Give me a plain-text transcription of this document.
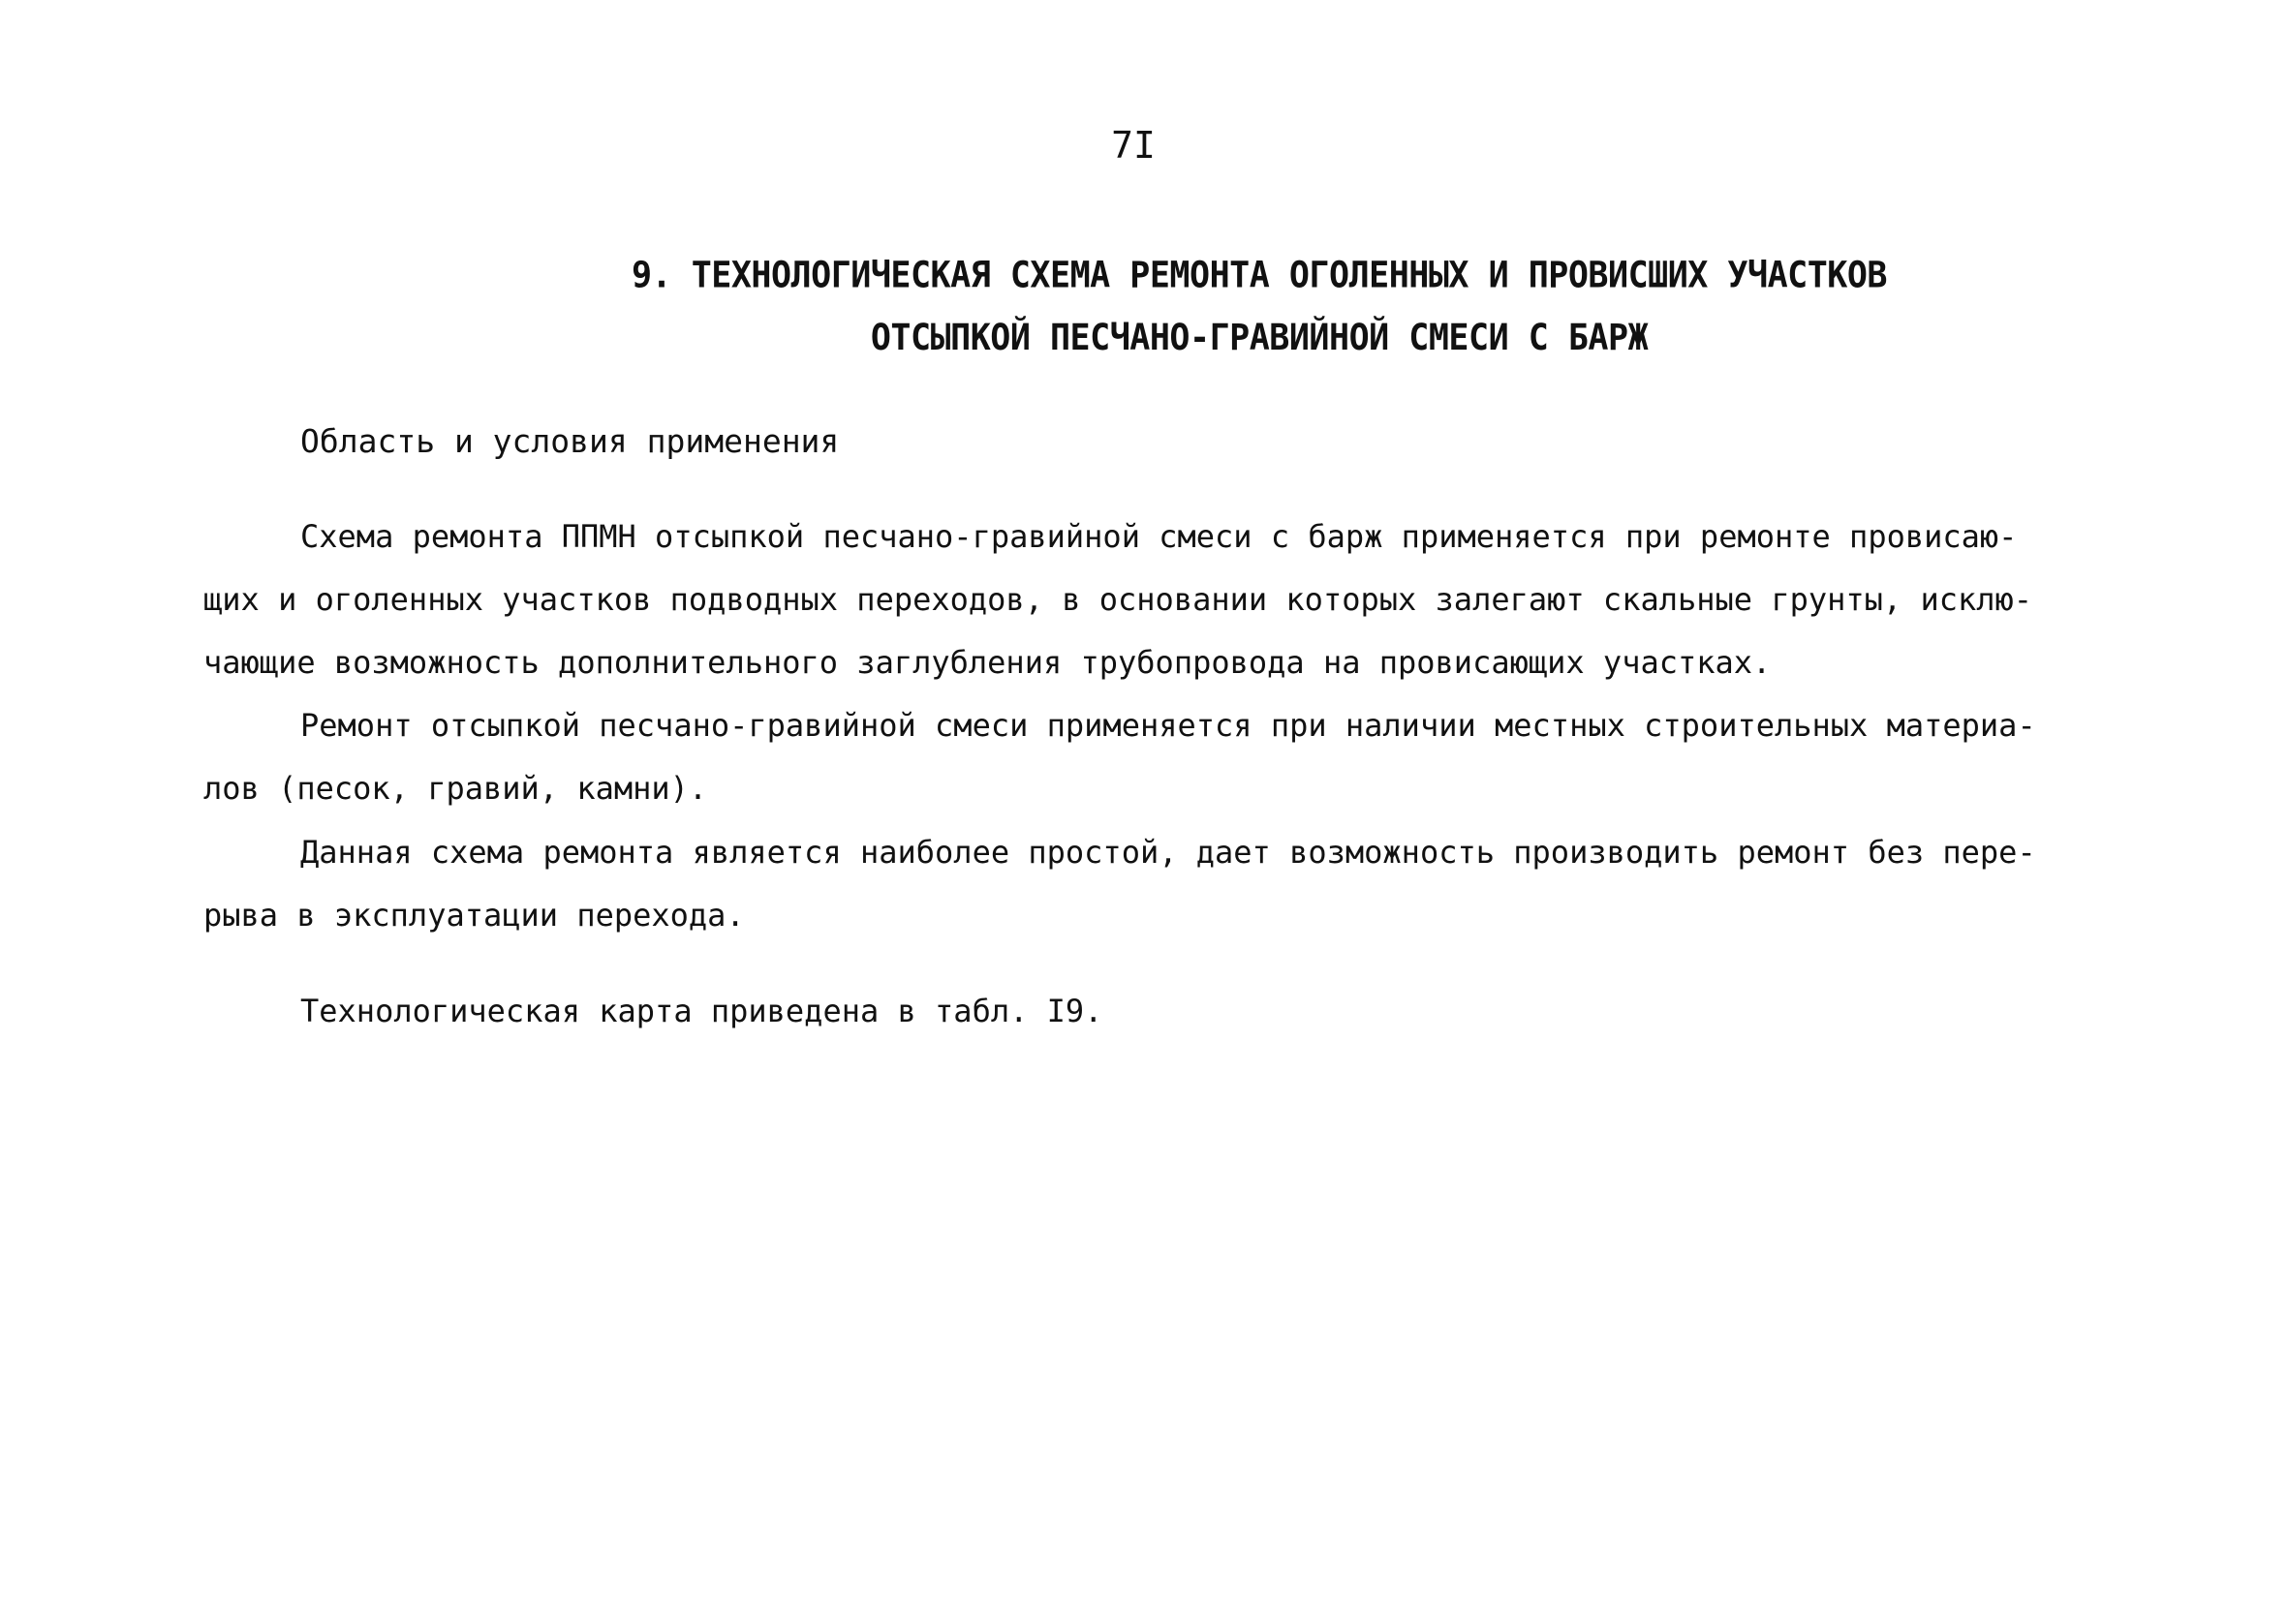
7I
9. ТЕХНОЛОГИЧЕСКАЯ СХЕМА РЕМОНТА ОГОЛЕННЫХ И ПРОВИСШИХ УЧАСТКОВ
ОТСЫПКОЙ ПЕСЧАНО-ГРАВИЙНОЙ СМЕСИ С БАРЖ
Область и условия применения
Схема ремонта ППМН отсыпкой песчано-гравийной смеси с барж применяется при ремонте провисаю-
щих и оголенных участков подводных переходов, в основании которых залегают скальные грунты, исклю-
чающие возможность дополнительного заглубления трубопровода на провисающих участках.
Ремонт отсыпкой песчано-гравийной смеси применяется при наличии местных строительных материа-
лов (песок, гравий, камни).
Данная схема ремонта является наиболее простой, дает возможность производить ремонт без пере-
рыва в эксплуатации перехода.
Технологическая карта приведена в табл. I9.
